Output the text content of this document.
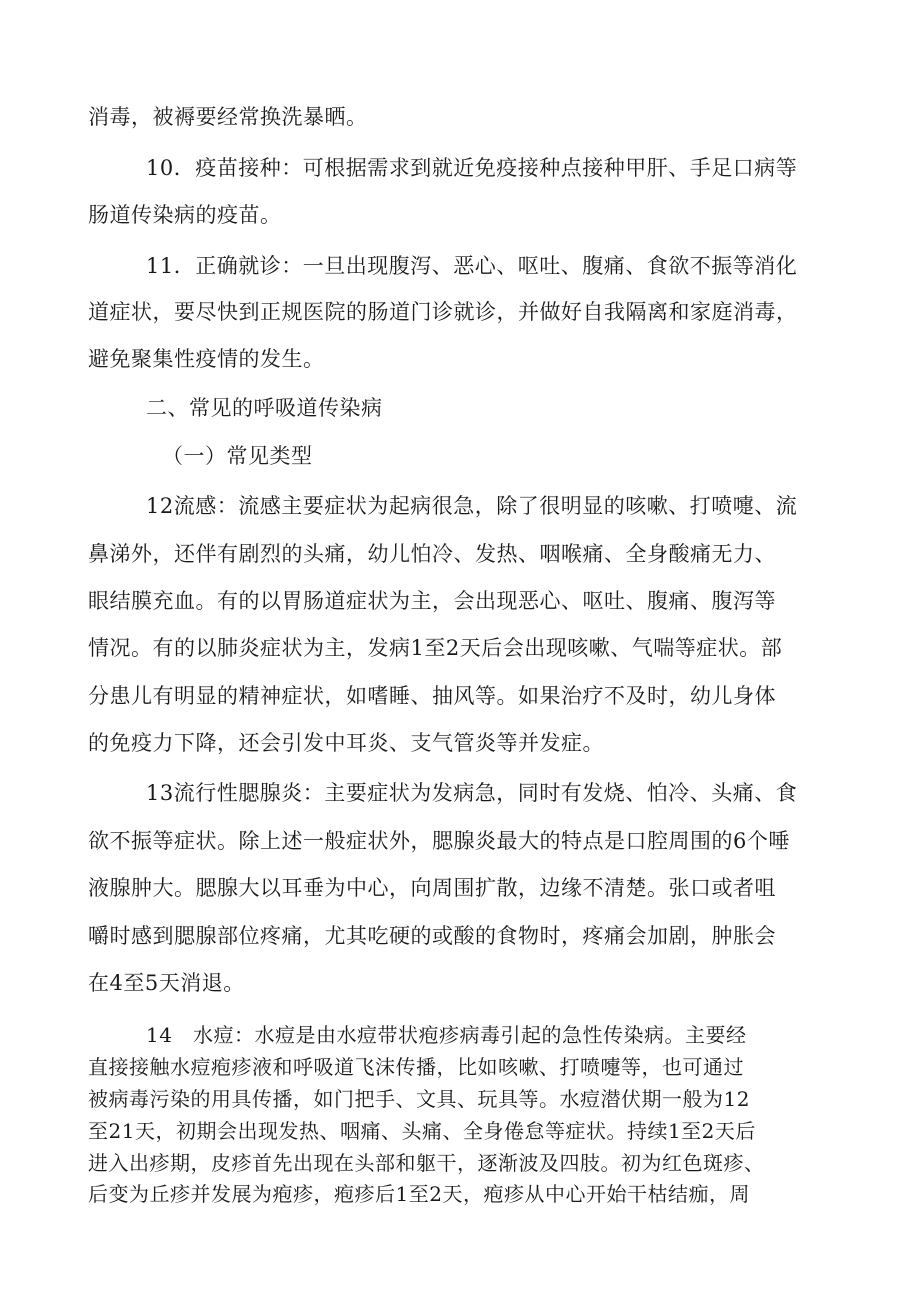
消毒，被褥要经常换洗暴晒。
10．疫苗接种：可根据需求到就近免疫接种点接种甲肝、手足口病等
肠道传染病的疫苗。
11．正确就诊：一旦出现腹泻、恶心、呕吐、腹痛、食欲不振等消化
道症状，要尽快到正规医院的肠道门诊就诊，并做好自我隔离和家庭消毒，
避免聚集性疫情的发生。
二、常见的呼吸道传染病
（一）常见类型
12流感：流感主要症状为起病很急，除了很明显的咳嗽、打喷嚏、流
鼻涕外，还伴有剧烈的头痛，幼儿怕冷、发热、咽喉痛、全身酸痛无力、
眼结膜充血。有的以胃肠道症状为主，会出现恶心、呕吐、腹痛、腹泻等
情况。有的以肺炎症状为主，发病1至2天后会出现咳嗽、气喘等症状。部
分患儿有明显的精神症状，如嗜睡、抽风等。如果治疗不及时，幼儿身体
的免疫力下降，还会引发中耳炎、支气管炎等并发症。
13流行性腮腺炎：主要症状为发病急，同时有发烧、怕冷、头痛、食
欲不振等症状。除上述一般症状外，腮腺炎最大的特点是口腔周围的6个唾
液腺肿大。腮腺大以耳垂为中心，向周围扩散，边缘不清楚。张口或者咀
嚼时感到腮腺部位疼痛，尤其吃硬的或酸的食物时，疼痛会加剧，肿胀会
在4至5天消退。
14　水痘：水痘是由水痘带状疱疹病毒引起的急性传染病。主要经
直接接触水痘疱疹液和呼吸道飞沫传播，比如咳嗽、打喷嚏等，也可通过
被病毒污染的用具传播，如门把手、文具、玩具等。水痘潜伏期一般为12
至21天，初期会出现发热、咽痛、头痛、全身倦怠等症状。持续1至2天后
进入出疹期，皮疹首先出现在头部和躯干，逐渐波及四肢。初为红色斑疹、
后变为丘疹并发展为疱疹，疱疹后1至2天，疱疹从中心开始干枯结痂，周
